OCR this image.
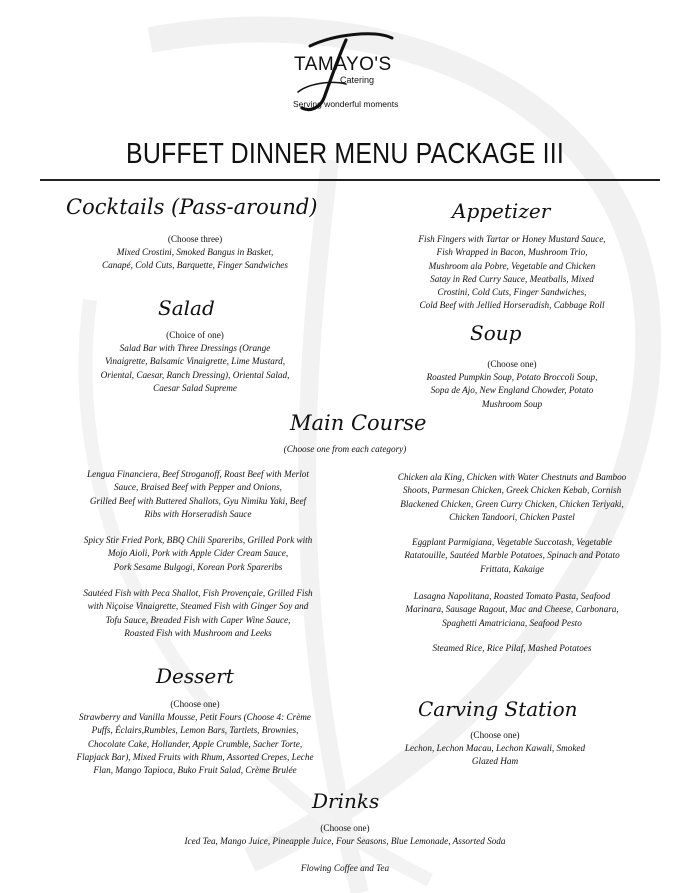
TAMAYO'S
Catering
Serving wonderful moments
BUFFET DINNER MENU PACKAGE III
Cocktails (Pass-around)
(Choose three)
Mixed Crostini, Smoked Bangus in Basket,
Canapé, Cold Cuts, Barquette, Finger Sandwiches
Appetizer
Fish Fingers with Tartar or Honey Mustard Sauce,
Fish Wrapped in Bacon, Mushroom Trio,
Mushroom ala Pobre, Vegetable and Chicken
Satay in Red Curry Sauce, Meatballs, Mixed
Crostini, Cold Cuts, Finger Sandwiches,
Cold Beef with Jellied Horseradish, Cabbage Roll
Salad
(Choice of one)
Salad Bar with Three Dressings (Orange
Vinaigrette, Balsamic Vinaigrette, Lime Mustard,
Oriental, Caesar, Ranch Dressing), Oriental Salad,
Caesar Salad Supreme
Soup
(Choose one)
Roasted Pumpkin Soup, Potato Broccoli Soup,
Sopa de Ajo, New England Chowder, Potato
Mushroom Soup
Main Course
(Choose one from each category)
Lengua Financiera, Beef Stroganoff, Roast Beef with Merlot
Sauce, Braised Beef with Pepper and Onions,
Grilled Beef with Buttered Shallots, Gyu Nimiku Yaki, Beef
Ribs with Horseradish Sauce
Spicy Stir Fried Pork, BBQ Chili Spareribs, Grilled Pork with
Mojo Aioli, Pork with Apple Cider Cream Sauce,
Pork Sesame Bulgogi, Korean Pork Spareribs
Sautéed Fish with Peca Shallot, Fish Provençale, Grilled Fish
with Niçoise Vinaigrette, Steamed Fish with Ginger Soy and
Tofu Sauce, Breaded Fish with Caper Wine Sauce,
Roasted Fish with Mushroom and Leeks
Chicken ala King, Chicken with Water Chestnuts and Bamboo
Shoots, Parmesan Chicken, Greek Chicken Kebab, Cornish
Blackened Chicken, Green Curry Chicken, Chicken Teriyaki,
Chicken Tandoori, Chicken Pastel
Eggplant Parmigiana, Vegetable Succotash, Vegetable
Ratatouille, Sautéed Marble Potatoes, Spinach and Potato
Frittata, Kakaige
Lasagna Napolitana, Roasted Tomato Pasta, Seafood
Marinara, Sausage Ragout, Mac and Cheese, Carbonara,
Spaghetti Amatriciana, Seafood Pesto
Steamed Rice, Rice Pilaf, Mashed Potatoes
Dessert
(Choose one)
Strawberry and Vanilla Mousse, Petit Fours (Choose 4: Crème
Puffs, Éclairs,Rumbles, Lemon Bars, Tartlets, Brownies,
Chocolate Cake, Hollander, Apple Crumble, Sacher Torte,
Flapjack Bar), Mixed Fruits with Rhum, Assorted Crepes, Leche
Flan, Mango Tapioca, Buko Fruit Salad, Crème Brulée
Carving Station
(Choose one)
Lechon, Lechon Macau, Lechon Kawali, Smoked
Glazed Ham
Drinks
(Choose one)
Iced Tea, Mango Juice, Pineapple Juice, Four Seasons, Blue Lemonade, Assorted Soda
Flowing Coffee and Tea
